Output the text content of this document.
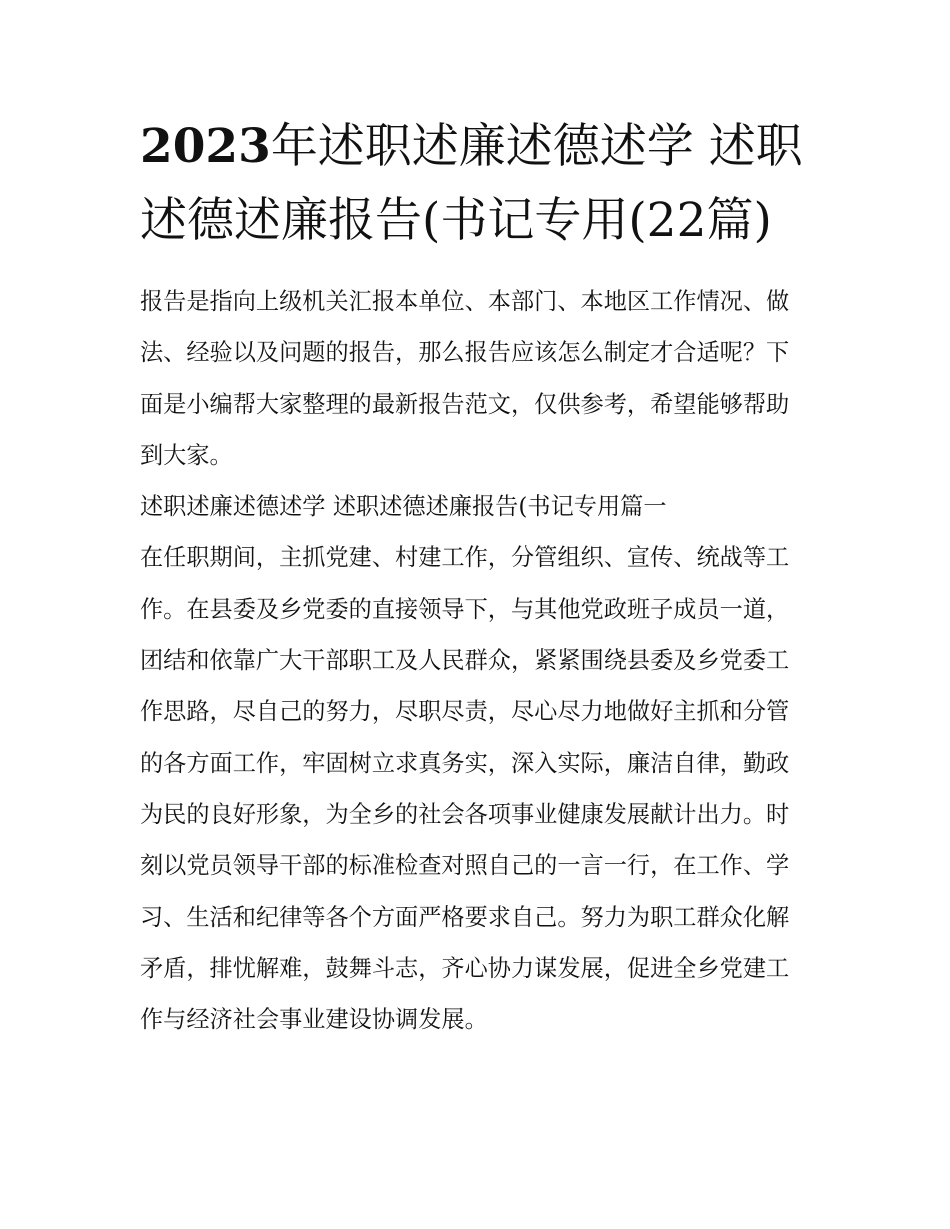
2023年述职述廉述德述学 述职述德述廉报告(书记专用(22篇)

报告是指向上级机关汇报本单位、本部门、本地区工作情况、做法、经验以及问题的报告，那么报告应该怎么制定才合适呢？下面是小编帮大家整理的最新报告范文，仅供参考，希望能够帮助到大家。

述职述廉述德述学 述职述德述廉报告(书记专用篇一

在任职期间，主抓党建、村建工作，分管组织、宣传、统战等工作。在县委及乡党委的直接领导下，与其他党政班子成员一道，团结和依靠广大干部职工及人民群众，紧紧围绕县委及乡党委工作思路，尽自己的努力，尽职尽责，尽心尽力地做好主抓和分管的各方面工作，牢固树立求真务实，深入实际，廉洁自律，勤政为民的良好形象，为全乡的社会各项事业健康发展献计出力。时刻以党员领导干部的标准检查对照自己的一言一行，在工作、学习、生活和纪律等各个方面严格要求自己。努力为职工群众化解矛盾，排忧解难，鼓舞斗志，齐心协力谋发展，促进全乡党建工作与经济社会事业建设协调发展。
